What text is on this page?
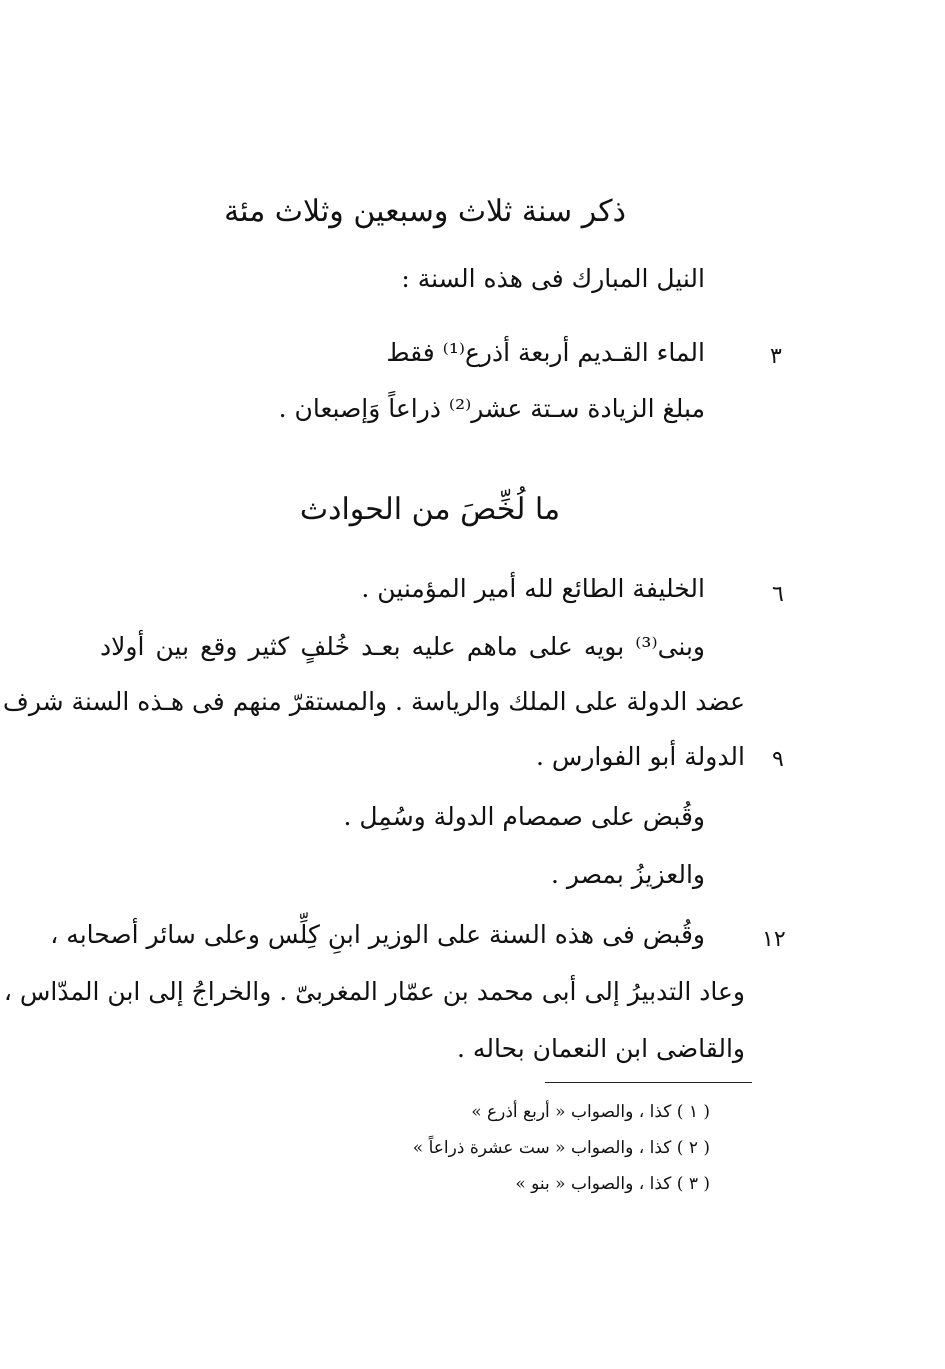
ذكر سنة ثلاث وسبعين وثلاث مئة
النيل المبارك فى هذه السنة :
٣
الماء القـديم أربعة أذرع⁽¹⁾ فقط
مبلغ الزيادة سـتة عشر⁽²⁾ ذراعاً وَإصبعان .
ما لُخِّصَ من الحوادث
٦
الخليفة الطائع لله أمير المؤمنين .
وبنى⁽³⁾ بويه على ماهم عليه بعـد خُلفٍ كثير وقع بين أولاد
عضد الدولة على الملك والرياسة . والمستقرّ منهم فى هـذه السنة شرف
٩
الدولة أبو الفوارس .
وقُبض على صمصام الدولة وسُمِل .
والعزيزُ بمصر .
١٢
وقُبض فى هذه السنة على الوزير ابنِ كِلِّس وعلى سائر أصحابه ،
وعاد التدبيرُ إلى أبى محمد بن عمّار المغربىّ . والخراجُ إلى ابن المدّاس ،
والقاضى ابن النعمان بحاله .
( ١ ) كذا ، والصواب « أربع أذرع »
( ٢ ) كذا ، والصواب « ست عشرة ذراعاً »
( ٣ ) كذا ، والصواب « بنو »
